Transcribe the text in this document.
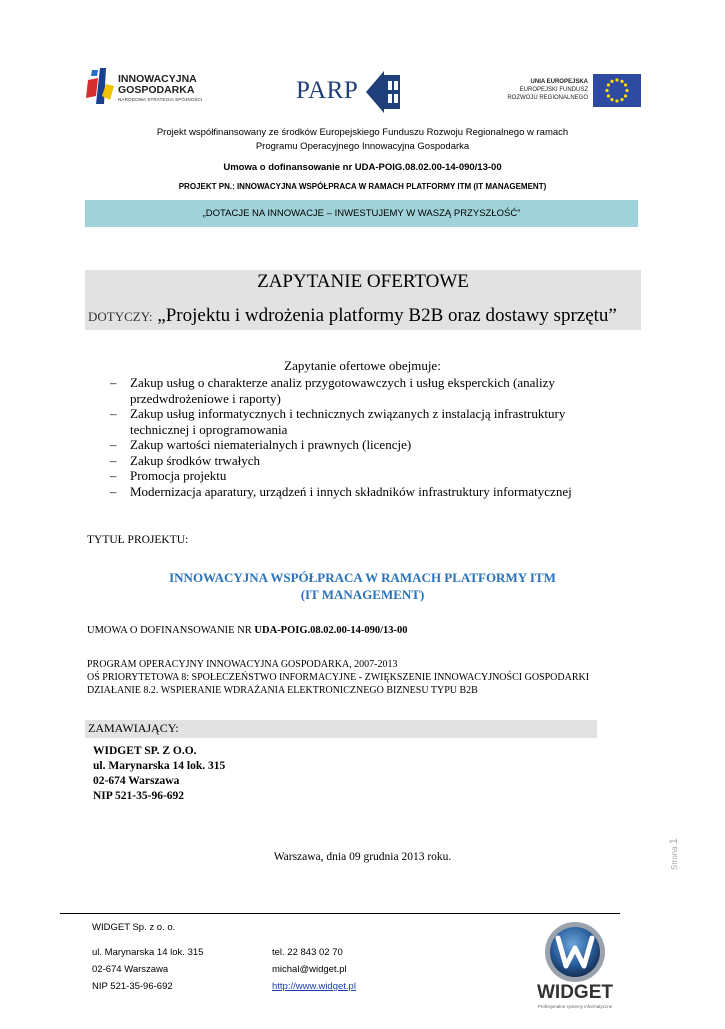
INNOWACYJNA
GOSPODARKA
NARODOWA STRATEGIA SPÓJNOŚCI	PARP	UNIA EUROPEJSKA
EUROPEJSKI FUNDUSZ
ROZWOJU REGIONALNEGO
Projekt współfinansowany ze środków Europejskiego Funduszu Rozwoju Regionalnego w ramach
Programu Operacyjnego Innowacyjna Gospodarka
Umowa o dofinansowanie nr UDA-POIG.08.02.00-14-090/13-00
PROJEKT PN.: INNOWACYJNA WSPÓŁPRACA W RAMACH PLATFORMY ITM (IT MANAGEMENT)
„DOTACJE NA INNOWACJE – INWESTUJEMY W WASZĄ PRZYSZŁOŚĆ”
ZAPYTANIE OFERTOWE
DOTYCZY: „Projektu i wdrożenia platformy B2B oraz dostawy sprzętu”
Zapytanie ofertowe obejmuje:
– Zakup usług o charakterze analiz przygotowawczych i usług eksperckich (analizy przedwdrożeniowe i raporty)
– Zakup usług informatycznych i technicznych związanych z instalacją infrastruktury technicznej i oprogramowania
– Zakup wartości niematerialnych i prawnych (licencje)
– Zakup środków trwałych
– Promocja projektu
– Modernizacja aparatury, urządzeń i innych składników infrastruktury informatycznej
TYTUŁ PROJEKTU:
INNOWACYJNA WSPÓŁPRACA W RAMACH PLATFORMY ITM
(IT MANAGEMENT)
UMOWA O DOFINANSOWANIE NR UDA-POIG.08.02.00-14-090/13-00
PROGRAM OPERACYJNY INNOWACYJNA GOSPODARKA, 2007-2013
OŚ PRIORYTETOWA 8: SPOŁECZEŃSTWO INFORMACYJNE - ZWIĘKSZENIE INNOWACYJNOŚCI GOSPODARKI
DZIAŁANIE 8.2. WSPIERANIE WDRAŻANIA ELEKTRONICZNEGO BIZNESU TYPU B2B
ZAMAWIAJĄCY:
WIDGET SP. Z O.O.
ul. Marynarska 14 lok. 315
02-674 Warszawa
NIP 521-35-96-692
Warszawa, dnia 09 grudnia 2013 roku.	Strona 1
WIDGET Sp. z o. o.
ul. Marynarska 14 lok. 315
02-674 Warszawa
NIP 521-35-96-692
tel. 22 843 02 70
michal@widget.pl
http://www.widget.pl	WIDGET
Profesjonalne systemy informatyczne
